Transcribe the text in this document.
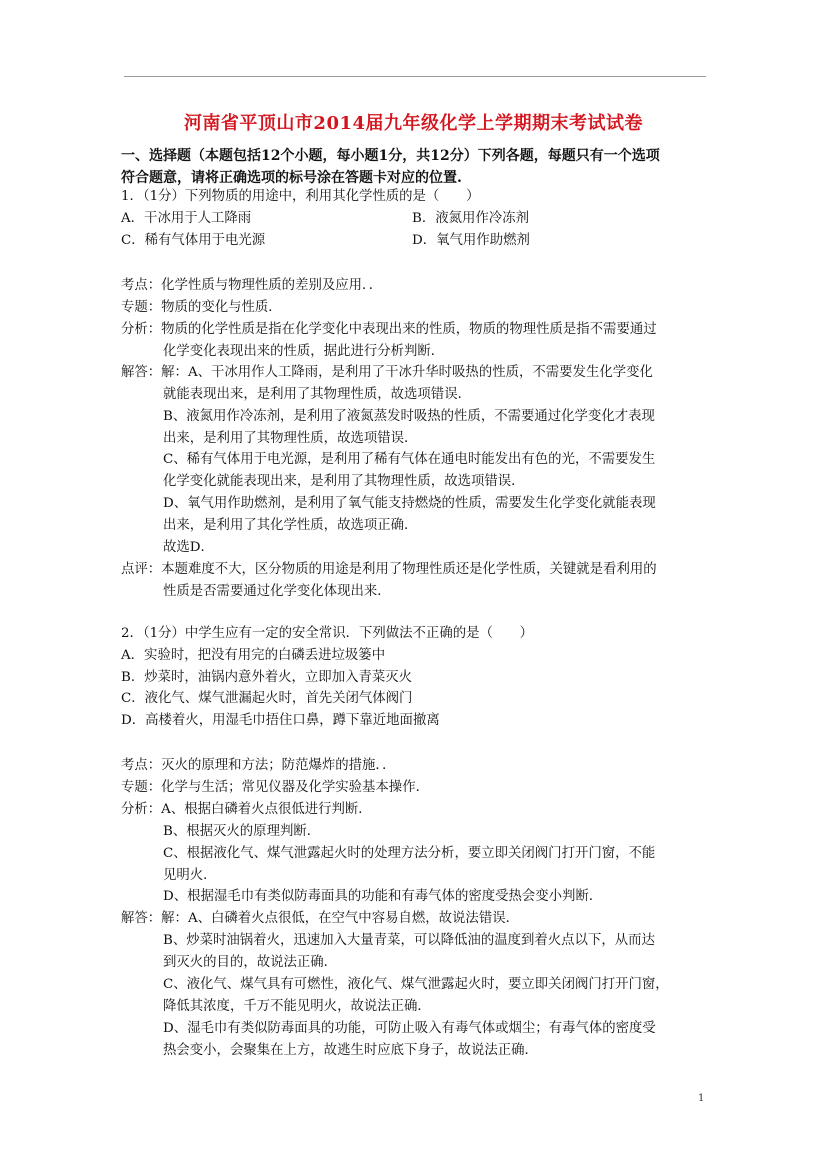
河南省平顶山市2014届九年级化学上学期期末考试试卷
一、选择题（本题包括12个小题，每小题1分，共12分）下列各题，每题只有一个选项
符合题意，请将正确选项的标号涂在答题卡对应的位置.
1．（1分）下列物质的用途中，利用其化学性质的是（　　）
A．干冰用于人工降雨	B．液氮用作冷冻剂
C．稀有气体用于电光源	D．氧气用作助燃剂
考点：化学性质与物理性质的差别及应用．．
专题：物质的变化与性质．
分析：物质的化学性质是指在化学变化中表现出来的性质，物质的物理性质是指不需要通过
化学变化表现出来的性质，据此进行分析判断．
解答：解：A、干冰用作人工降雨，是利用了干冰升华时吸热的性质，不需要发生化学变化
就能表现出来，是利用了其物理性质，故选项错误．
B、液氮用作冷冻剂，是利用了液氮蒸发时吸热的性质，不需要通过化学变化才表现
出来，是利用了其物理性质，故选项错误．
C、稀有气体用于电光源，是利用了稀有气体在通电时能发出有色的光，不需要发生
化学变化就能表现出来，是利用了其物理性质，故选项错误．
D、氧气用作助燃剂，是利用了氧气能支持燃烧的性质，需要发生化学变化就能表现
出来，是利用了其化学性质，故选项正确．
故选D．
点评：本题难度不大，区分物质的用途是利用了物理性质还是化学性质，关键就是看利用的
性质是否需要通过化学变化体现出来．
2．（1分）中学生应有一定的安全常识．下列做法不正确的是（　　）
A．实验时，把没有用完的白磷丢进垃圾篓中
B．炒菜时，油锅内意外着火，立即加入青菜灭火
C．液化气、煤气泄漏起火时，首先关闭气体阀门
D．高楼着火，用湿毛巾捂住口鼻，蹲下靠近地面撤离
考点：灭火的原理和方法；防范爆炸的措施．．
专题：化学与生活；常见仪器及化学实验基本操作．
分析：A、根据白磷着火点很低进行判断．
B、根据灭火的原理判断．
C、根据液化气、煤气泄露起火时的处理方法分析，要立即关闭阀门打开门窗，不能
见明火．
D、根据湿毛巾有类似防毒面具的功能和有毒气体的密度受热会变小判断．
解答：解：A、白磷着火点很低，在空气中容易自燃，故说法错误．
B、炒菜时油锅着火，迅速加入大量青菜，可以降低油的温度到着火点以下，从而达
到灭火的目的，故说法正确．
C、液化气、煤气具有可燃性，液化气、煤气泄露起火时，要立即关闭阀门打开门窗，
降低其浓度，千万不能见明火，故说法正确．
D、湿毛巾有类似防毒面具的功能，可防止吸入有毒气体或烟尘；有毒气体的密度受
热会变小，会聚集在上方，故逃生时应底下身子，故说法正确．
1
